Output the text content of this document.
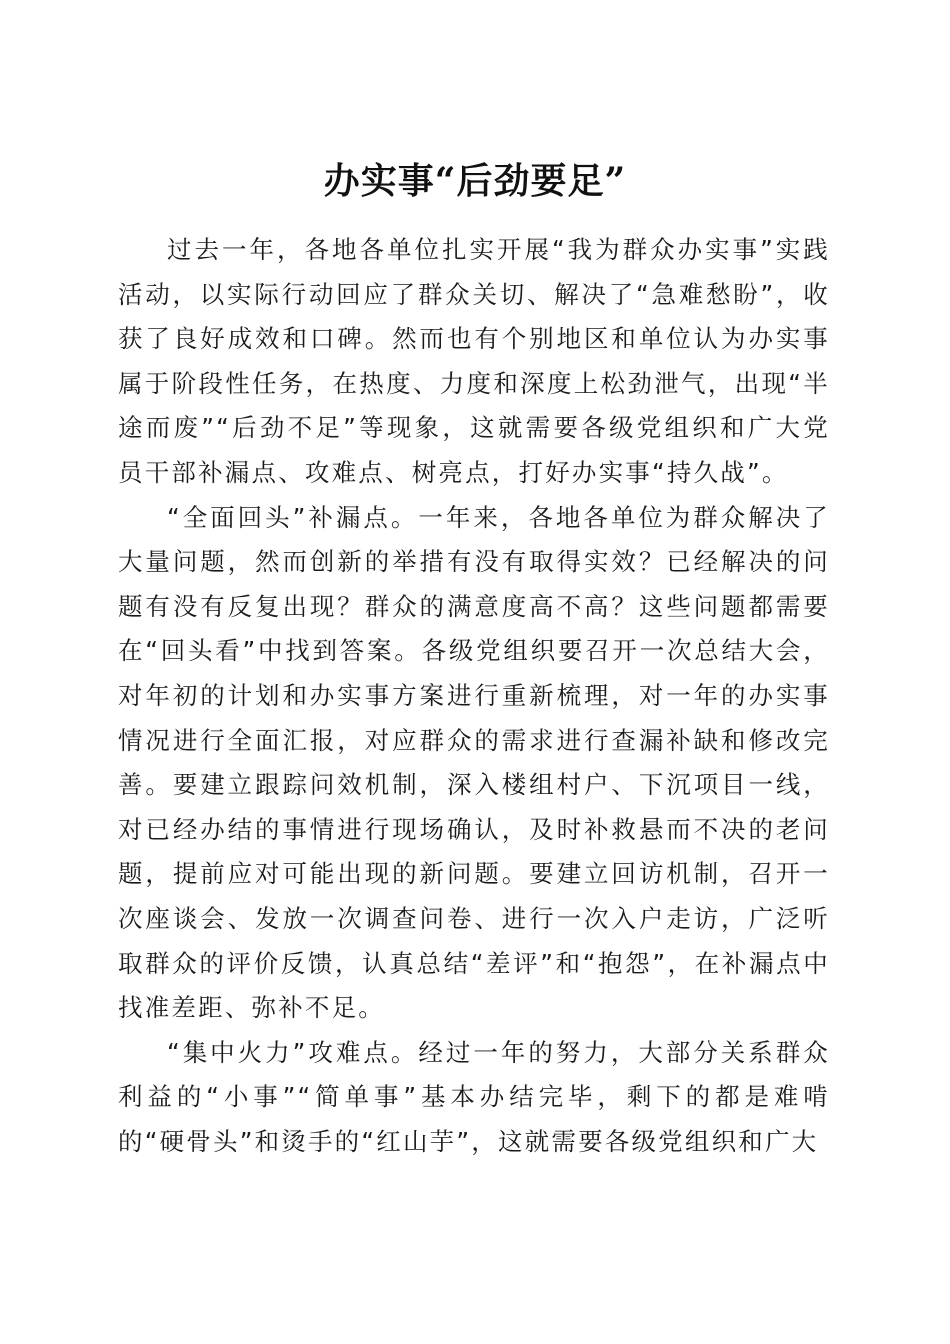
办实事“后劲要足”

过去一年，各地各单位扎实开展“我为群众办实事”实践活动，以实际行动回应了群众关切、解决了“急难愁盼”，收获了良好成效和口碑。然而也有个别地区和单位认为办实事属于阶段性任务，在热度、力度和深度上松劲泄气，出现“半途而废”“后劲不足”等现象，这就需要各级党组织和广大党员干部补漏点、攻难点、树亮点，打好办实事“持久战”。

“全面回头”补漏点。一年来，各地各单位为群众解决了大量问题，然而创新的举措有没有取得实效？已经解决的问题有没有反复出现？群众的满意度高不高？这些问题都需要在“回头看”中找到答案。各级党组织要召开一次总结大会，对年初的计划和办实事方案进行重新梳理，对一年的办实事情况进行全面汇报，对应群众的需求进行查漏补缺和修改完善。要建立跟踪问效机制，深入楼组村户、下沉项目一线，对已经办结的事情进行现场确认，及时补救悬而不决的老问题，提前应对可能出现的新问题。要建立回访机制，召开一次座谈会、发放一次调查问卷、进行一次入户走访，广泛听取群众的评价反馈，认真总结“差评”和“抱怨”，在补漏点中找准差距、弥补不足。

“集中火力”攻难点。经过一年的努力，大部分关系群众利益的“小事”“简单事”基本办结完毕，剩下的都是难啃的“硬骨头”和烫手的“红山芋”，这就需要各级党组织和广大
